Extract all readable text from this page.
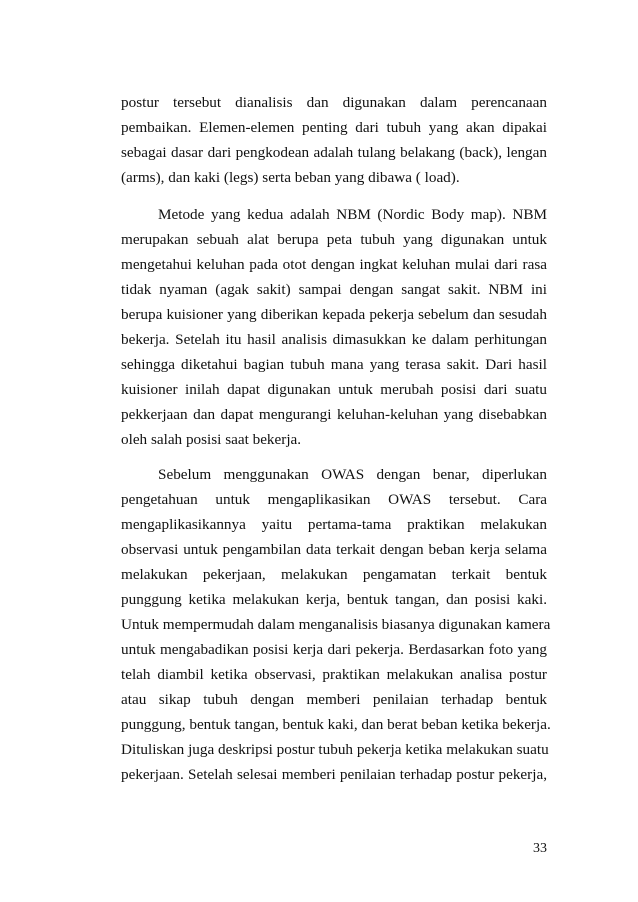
postur tersebut dianalisis dan digunakan dalam perencanaan
pembaikan. Elemen-elemen penting dari tubuh yang akan dipakai
sebagai dasar dari pengkodean adalah tulang belakang (back), lengan
(arms), dan kaki (legs) serta beban yang dibawa ( load).
Metode yang kedua adalah NBM (Nordic Body map). NBM
merupakan sebuah alat berupa peta tubuh yang digunakan untuk
mengetahui keluhan pada otot dengan ingkat keluhan mulai dari rasa
tidak nyaman (agak sakit) sampai dengan sangat sakit. NBM ini
berupa kuisioner yang diberikan kepada pekerja sebelum dan sesudah
bekerja. Setelah itu hasil analisis dimasukkan ke dalam perhitungan
sehingga diketahui bagian tubuh mana yang terasa sakit. Dari hasil
kuisioner inilah dapat digunakan untuk merubah posisi dari suatu
pekkerjaan dan dapat mengurangi keluhan-keluhan yang disebabkan
oleh salah posisi saat bekerja.
Sebelum menggunakan OWAS dengan benar, diperlukan
pengetahuan untuk mengaplikasikan OWAS tersebut. Cara
mengaplikasikannya yaitu pertama-tama praktikan melakukan
observasi untuk pengambilan data terkait dengan beban kerja selama
melakukan pekerjaan, melakukan pengamatan terkait bentuk
punggung ketika melakukan kerja, bentuk tangan, dan posisi kaki.
Untuk mempermudah dalam menganalisis biasanya digunakan kamera
untuk mengabadikan posisi kerja dari pekerja. Berdasarkan foto yang
telah diambil ketika observasi, praktikan melakukan analisa postur
atau sikap tubuh dengan memberi penilaian terhadap bentuk
punggung, bentuk tangan, bentuk kaki, dan berat beban ketika bekerja.
Dituliskan juga deskripsi postur tubuh pekerja ketika melakukan suatu
pekerjaan. Setelah selesai memberi penilaian terhadap postur pekerja,
33
